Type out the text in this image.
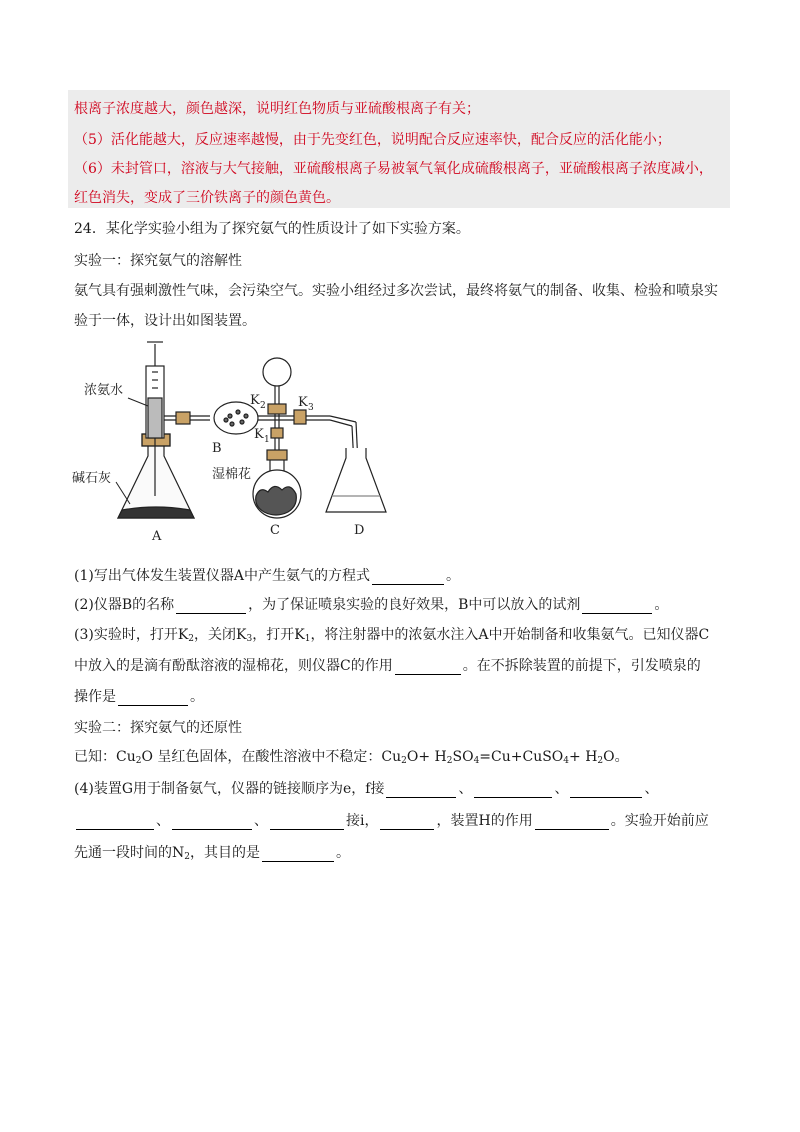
根离子浓度越大，颜色越深，说明红色物质与亚硫酸根离子有关；
（5）活化能越大，反应速率越慢，由于先变红色，说明配合反应速率快，配合反应的活化能小；
（6）未封管口，溶液与大气接触，亚硫酸根离子易被氧气氧化成硫酸根离子，亚硫酸根离子浓度减小，
红色消失，变成了三价铁离子的颜色黄色。
24．某化学实验小组为了探究氨气的性质设计了如下实验方案。
实验一：探究氨气的溶解性
氨气具有强刺激性气味，会污染空气。实验小组经过多次尝试，最终将氨气的制备、收集、检验和喷泉实
验于一体，设计出如图装置。
浓氨水
碱石灰	湿棉花
A
B
C	D
K 2 K 3
K 1
(1)写出气体发生装置仪器A中产生氨气的方程式	。
(2)仪器B的名称	，为了保证喷泉实验的良好效果，B中可以放入的试剂	。
(3)实验时，打开$K_2$，关闭$K_3$，打开$K_1$，将注射器中的浓氨水注入A中开始制备和收集氨气。已知仪器C
中放入的是滴有酚酞溶液的湿棉花，则仪器C的作用	。在不拆除装置的前提下，引发喷泉的
操作是	。
实验二：探究氨气的还原性
已知：$Cu_2O$ 呈红色固体，在酸性溶液中不稳定：$Cu_2O+$ $H_2SO_4=Cu+CuSO_4+ H_2O$。
(4)装置G用于制备氨气，仪器的链接顺序为e，f接	、	、	、
、	、	接i，	，装置H的作用	。实验开始前应
先通一段时间的$N_2$，其目的是	。
